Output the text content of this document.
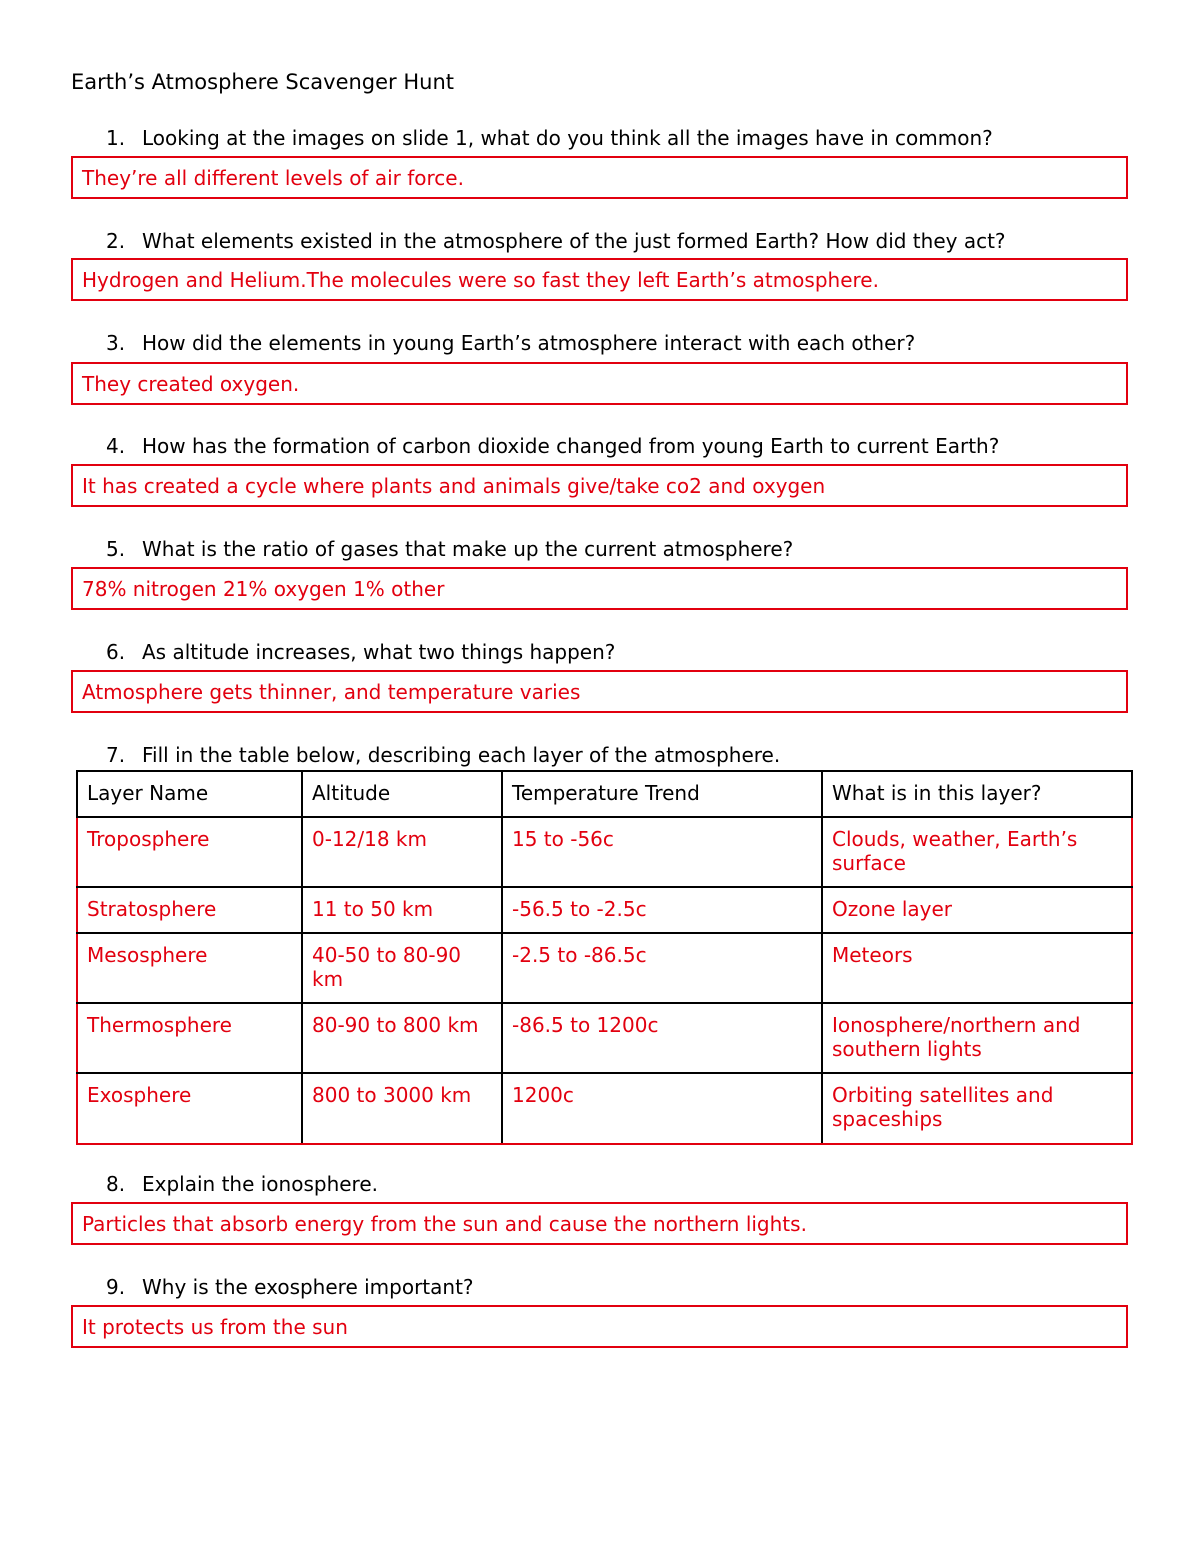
Earth’s Atmosphere Scavenger Hunt
1. Looking at the images on slide 1, what do you think all the images have in common?
They’re all different levels of air force.
2. What elements existed in the atmosphere of the just formed Earth? How did they act?
Hydrogen and Helium.The molecules were so fast they left Earth’s atmosphere.
3. How did the elements in young Earth’s atmosphere interact with each other?
They created oxygen.
4. How has the formation of carbon dioxide changed from young Earth to current Earth?
It has created a cycle where plants and animals give/take co2 and oxygen
5. What is the ratio of gases that make up the current atmosphere?
78% nitrogen 21% oxygen 1% other
6. As altitude increases, what two things happen?
Atmosphere gets thinner, and temperature varies
7. Fill in the table below, describing each layer of the atmosphere.
Layer Name	Altitude	Temperature Trend	What is in this layer?
Troposphere	0-12/18 km	15 to -56c	Clouds, weather, Earth’s surface
Stratosphere	11 to 50 km	-56.5 to -2.5c	Ozone layer
Mesosphere	40-50 to 80-90 km	-2.5 to -86.5c	Meteors
Thermosphere	80-90 to 800 km	-86.5 to 1200c	Ionosphere/northern and southern lights
Exosphere	800 to 3000 km	1200c	Orbiting satellites and spaceships
8. Explain the ionosphere.
Particles that absorb energy from the sun and cause the northern lights.
9. Why is the exosphere important?
It protects us from the sun
